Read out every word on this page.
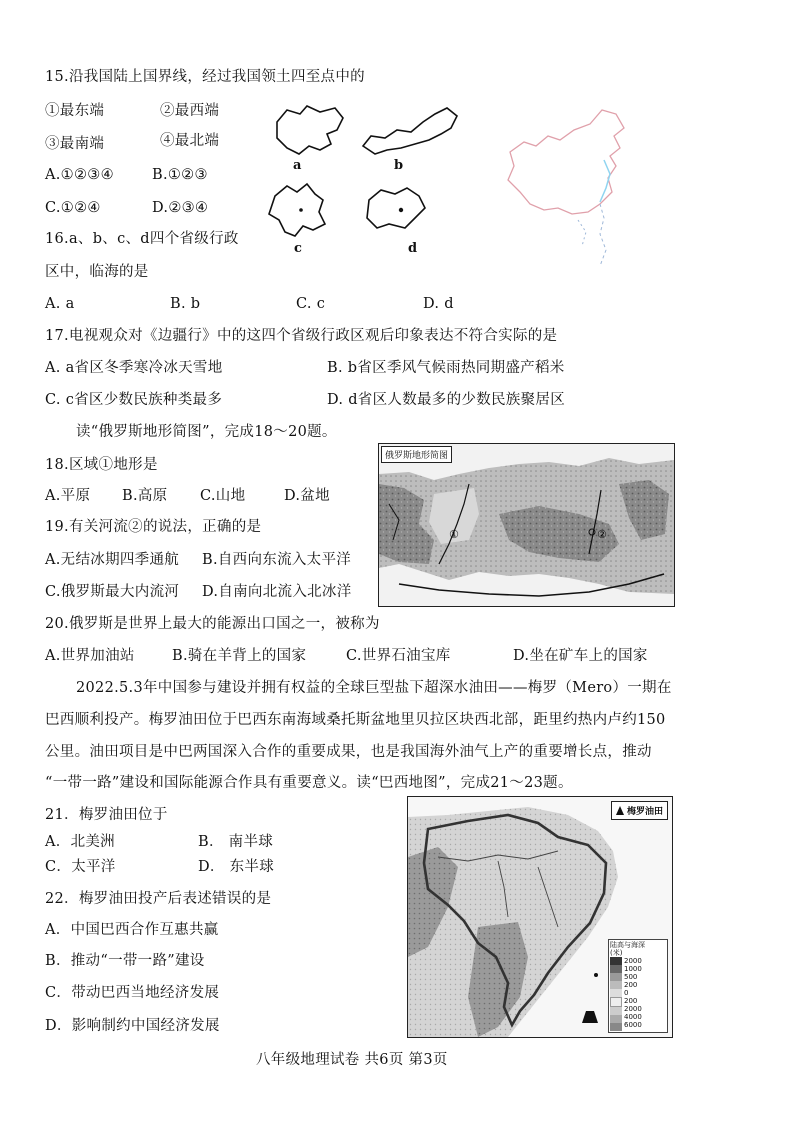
15.沿我国陆上国界线，经过我国领土四至点中的
①最东端	②最西端
③最南端	④最北端
A.①②③④	B.①②③
C.①②④	D.②③④
16.a、b、c、d四个省级行政
区中，临海的是
A. a	B. b	C. c	D. d
a	b
c	d
17.电视观众对《边疆行》中的这四个省级行政区观后印象表达不符合实际的是
A. a省区冬季寒冷冰天雪地	B. b省区季风气候雨热同期盛产稻米
C. c省区少数民族种类最多	D. d省区人数最多的少数民族聚居区
读“俄罗斯地形简图”，完成18～20题。
18.区域①地形是
A.平原 B.高原 C.山地	D.盆地
19.有关河流②的说法，正确的是
A.无结冰期四季通航 B.自西向东流入太平洋
C.俄罗斯最大内流河 D.自南向北流入北冰洋
①	②
俄罗斯地形简图
20.俄罗斯是世界上最大的能源出口国之一，被称为
A.世界加油站	B.骑在羊背上的国家	C.世界石油宝库	D.坐在矿车上的国家
2022.5.3年中国参与建设并拥有权益的全球巨型盐下超深水油田——梅罗（Mero）一期在
巴西顺利投产。梅罗油田位于巴西东南海域桑托斯盆地里贝拉区块西北部，距里约热内卢约150
公里。油田项目是中巴两国深入合作的重要成果，也是我国海外油气上产的重要增长点，推动
“一带一路”建设和国际能源合作具有重要意义。读“巴西地图”，完成21～23题。
21．梅罗油田位于
A．北美洲	B． 南半球
C．太平洋	D． 东半球
22．梅罗油田投产后表述错误的是
A．中国巴西合作互惠共赢
B．推动“一带一路”建设
C．带动巴西当地经济发展
D．影响制约中国经济发展
梅罗油田
陆高与海深
(米)
2000
1000
500
200
0
200
2000
4000
6000
八年级地理试卷 共6页 第3页
